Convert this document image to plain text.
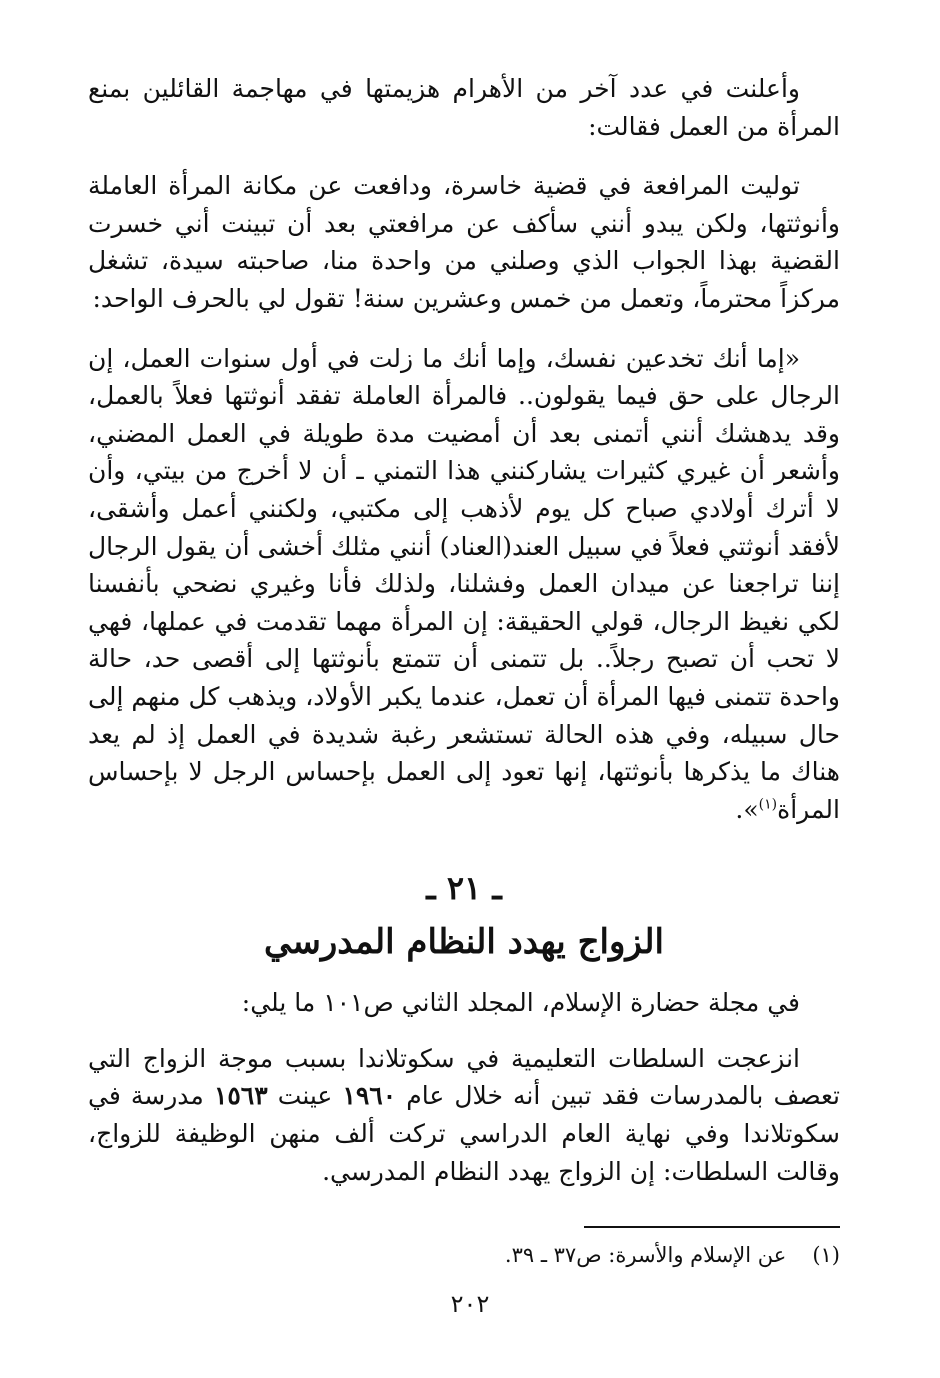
وأعلنت في عدد آخر من الأهرام هزيمتها في مهاجمة القائلين بمنع المرأة من العمل فقالت:

توليت المرافعة في قضية خاسرة، ودافعت عن مكانة المرأة العاملة وأنوثتها، ولكن يبدو أنني سأكف عن مرافعتي بعد أن تبينت أني خسرت القضية بهذا الجواب الذي وصلني من واحدة منا، صاحبته سيدة، تشغل مركزاً محترماً، وتعمل من خمس وعشرين سنة! تقول لي بالحرف الواحد:

«إما أنك تخدعين نفسك، وإما أنك ما زلت في أول سنوات العمل، إن الرجال على حق فيما يقولون.. فالمرأة العاملة تفقد أنوثتها فعلاً بالعمل، وقد يدهشك أنني أتمنى بعد أن أمضيت مدة طويلة في العمل المضني، وأشعر أن غيري كثيرات يشاركنني هذا التمني ـ أن لا أخرج من بيتي، وأن لا أترك أولادي صباح كل يوم لأذهب إلى مكتبي، ولكنني أعمل وأشقى، لأفقد أنوثتي فعلاً في سبيل العند(العناد) أنني مثلك أخشى أن يقول الرجال إننا تراجعنا عن ميدان العمل وفشلنا، ولذلك فأنا وغيري نضحي بأنفسنا لكي نغيظ الرجال، قولي الحقيقة: إن المرأة مهما تقدمت في عملها، فهي لا تحب أن تصبح رجلاً.. بل تتمنى أن تتمتع بأنوثتها إلى أقصى حد، حالة واحدة تتمنى فيها المرأة أن تعمل، عندما يكبر الأولاد، ويذهب كل منهم إلى حال سبيله، وفي هذه الحالة تستشعر رغبة شديدة في العمل إذ لم يعد هناك ما يذكرها بأنوثتها، إنها تعود إلى العمل بإحساس الرجل لا بإحساس المرأة$^{(١)}$».

ـ ٢١ ـ
الزواج يهدد النظام المدرسي

في مجلة حضارة الإسلام، المجلد الثاني ص١٠١ ما يلي:

انزعجت السلطات التعليمية في سكوتلاندا بسبب موجة الزواج التي تعصف بالمدرسات فقد تبين أنه خلال عام ١٩٦٠ عينت ١٥٦٣ مدرسة في سكوتلاندا وفي نهاية العام الدراسي تركت ألف منهن الوظيفة للزواج، وقالت السلطات: إن الزواج يهدد النظام المدرسي.

(١)عن الإسلام والأسرة: ص٣٧ ـ ٣٩.
٢٠٢
